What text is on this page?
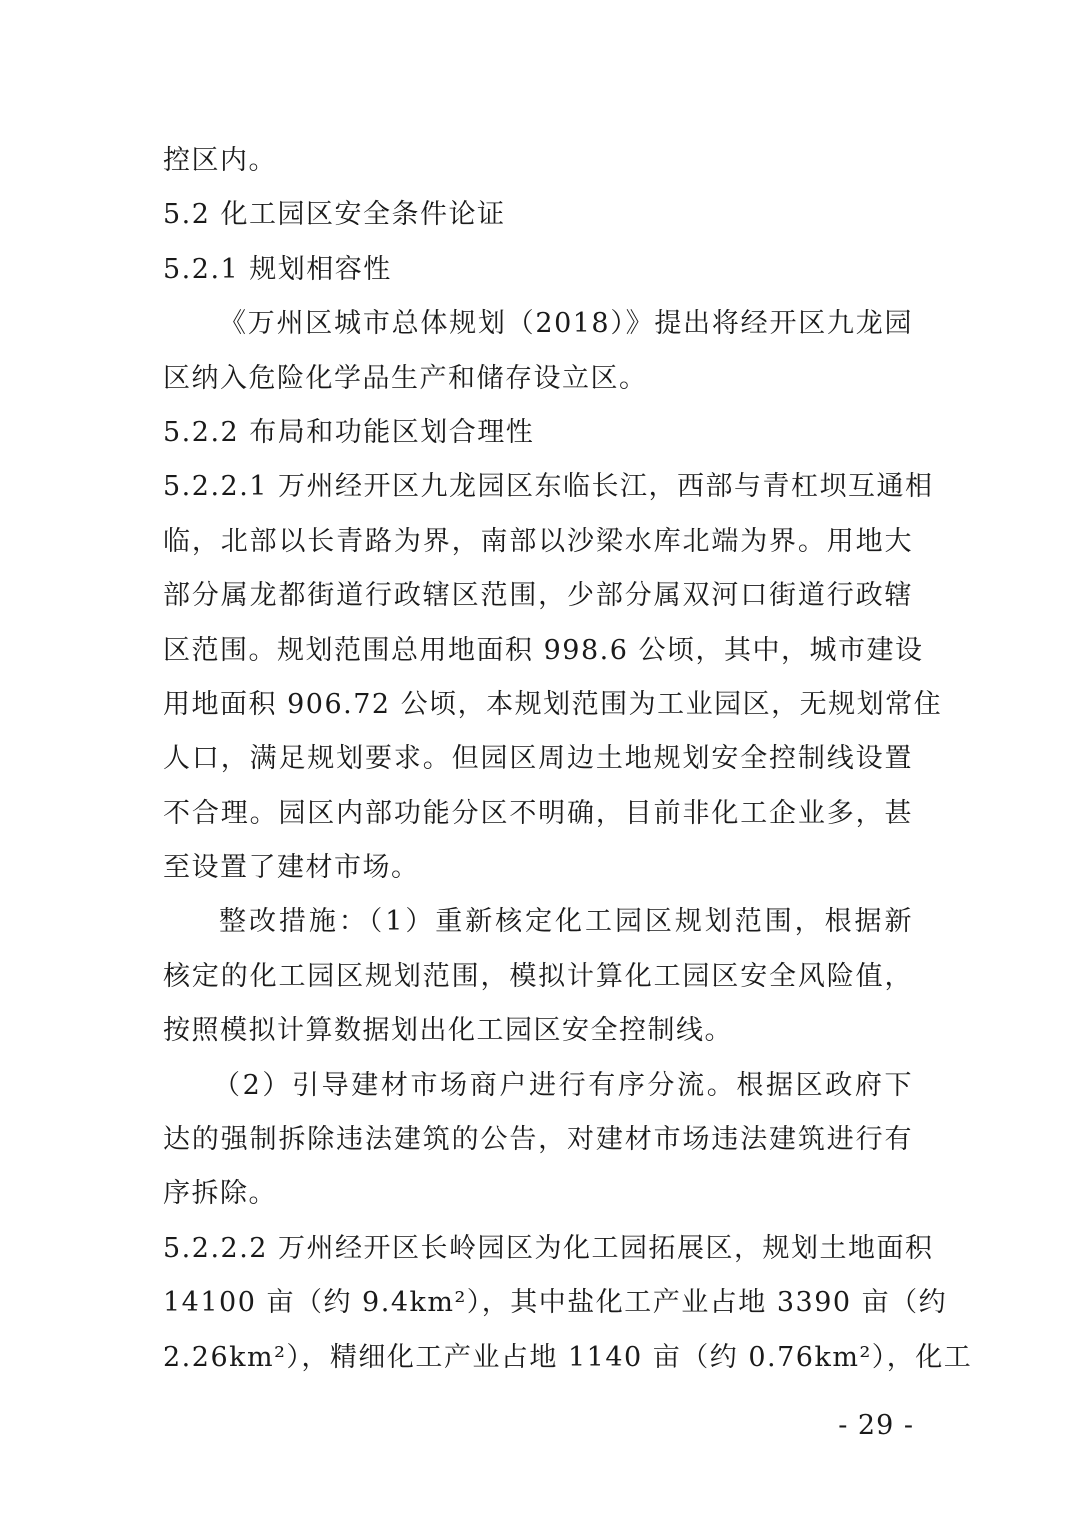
控区内。
5.2 化工园区安全条件论证
5.2.1 规划相容性
《万州区城市总体规划（2018）》提出将经开区九龙园
区纳入危险化学品生产和储存设立区。
5.2.2 布局和功能区划合理性
5.2.2.1 万州经开区九龙园区东临长江，西部与青杠坝互通相
临，北部以长青路为界，南部以沙梁水库北端为界。用地大
部分属龙都街道行政辖区范围，少部分属双河口街道行政辖
区范围。规划范围总用地面积 998.6 公顷，其中，城市建设
用地面积 906.72 公顷，本规划范围为工业园区，无规划常住
人口，满足规划要求。但园区周边土地规划安全控制线设置
不合理。园区内部功能分区不明确，目前非化工企业多，甚
至设置了建材市场。
整改措施：（1）重新核定化工园区规划范围，根据新
核定的化工园区规划范围，模拟计算化工园区安全风险值，
按照模拟计算数据划出化工园区安全控制线。
（2）引导建材市场商户进行有序分流。根据区政府下
达的强制拆除违法建筑的公告，对建材市场违法建筑进行有
序拆除。
5.2.2.2 万州经开区长岭园区为化工园拓展区，规划土地面积
14100 亩（约 9.4km²），其中盐化工产业占地 3390 亩（约
2.26km²），精细化工产业占地 1140 亩（约 0.76km²），化工
- 29 -
